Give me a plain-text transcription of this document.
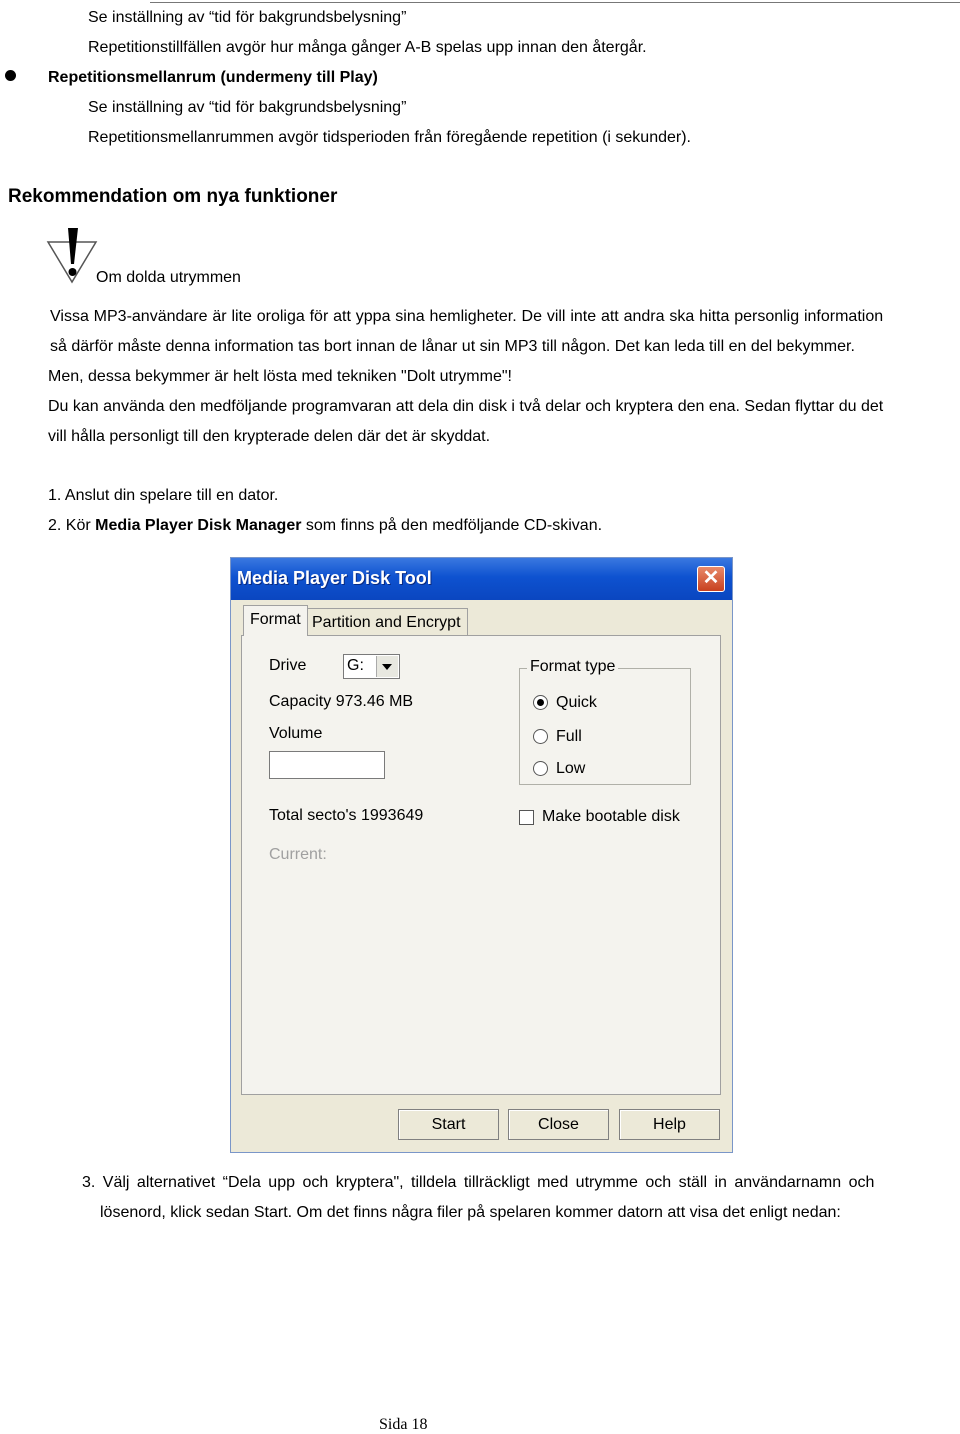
Se inställning av “tid för bakgrundsbelysning”
Repetitionstillfällen avgör hur många gånger A-B spelas upp innan den återgår.
Repetitionsmellanrum (undermeny till Play)
Se inställning av “tid för bakgrundsbelysning”
Repetitionsmellanrummen avgör tidsperioden från föregående repetition (i sekunder).
Rekommendation om nya funktioner
Om dolda utrymmen
Vissa MP3-användare är lite oroliga för att yppa sina hemligheter. De vill inte att andra ska hitta personlig information
så därför måste denna information tas bort innan de lånar ut sin MP3 till någon. Det kan leda till en del bekymmer.
Men, dessa bekymmer är helt lösta med tekniken "Dolt utrymme"!
Du kan använda den medföljande programvaran att dela din disk i två delar och kryptera den ena. Sedan flyttar du det
vill hålla personligt till den krypterade delen där det är skyddat.
1. Anslut din spelare till en dator.
2. Kör Media Player Disk Manager som finns på den medföljande CD-skivan.
Media Player Disk Tool	✕
Format Partition and Encrypt
Drive	G:
Capacity 973.46 MB
Volume
Total secto's 1993649
Current:
Format type
Quick
Full
Low
Make bootable disk
Start	Close	Help
3. Välj alternativet “Dela upp och kryptera", tilldela tillräckligt med utrymme och ställ in användarnamn och
lösenord, klick sedan Start. Om det finns några filer på spelaren kommer datorn att visa det enligt nedan:
Sida 18
